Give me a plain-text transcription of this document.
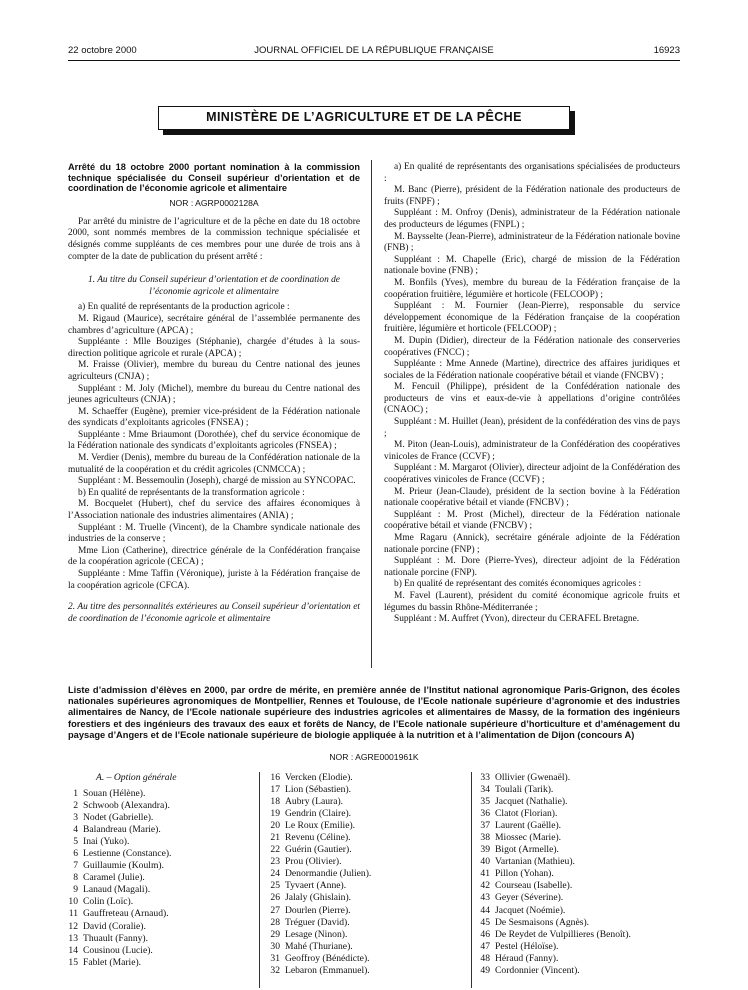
22 octobre 2000	JOURNAL OFFICIEL DE LA RÉPUBLIQUE FRANÇAISE	16923
MINISTÈRE DE L’AGRICULTURE ET DE LA PÊCHE
Arrêté du 18 octobre 2000 portant nomination à la commission technique spécialisée du Conseil supérieur d’orientation et de coordination de l’économie agricole et alimentaire
NOR : AGRP0002128A

Par arrêté du ministre de l’agriculture et de la pêche en date du 18 octobre 2000, sont nommés membres de la commission technique spécialisée et désignés comme suppléants de ces membres pour une durée de trois ans à compter de la date de publication du présent arrêté :

1. Au titre du Conseil supérieur d’orientation et de coordination de l’économie agricole et alimentaire

a) En qualité de représentants de la production agricole :

M. Rigaud (Maurice), secrétaire général de l’assemblée permanente des chambres d’agriculture (APCA) ;

Suppléante : Mlle Bouziges (Stéphanie), chargée d’études à la sous-direction politique agricole et rurale (APCA) ;

M. Fraisse (Olivier), membre du bureau du Centre national des jeunes agriculteurs (CNJA) ;

Suppléant : M. Joly (Michel), membre du bureau du Centre national des jeunes agriculteurs (CNJA) ;

M. Schaeffer (Eugène), premier vice-président de la Fédération nationale des syndicats d’exploitants agricoles (FNSEA) ;

Suppléante : Mme Briaumont (Dorothée), chef du service économique de la Fédération nationale des syndicats d’exploitants agricoles (FNSEA) ;

M. Verdier (Denis), membre du bureau de la Confédération nationale de la mutualité de la coopération et du crédit agricoles (CNMCCA) ;

Suppléant : M. Bessemoulin (Joseph), chargé de mission au SYNCOPAC.

b) En qualité de représentants de la transformation agricole :

M. Bocquelet (Hubert), chef du service des affaires économiques à l’Association nationale des industries alimentaires (ANIA) ;

Suppléant : M. Truelle (Vincent), de la Chambre syndicale nationale des industries de la conserve ;

Mme Lion (Catherine), directrice générale de la Confédération française de la coopération agricole (CECA) ;

Suppléante : Mme Taffin (Véronique), juriste à la Fédération française de la coopération agricole (CFCA).

2. Au titre des personnalités extérieures au Conseil supérieur d’orientation et de coordination de l’économie agricole et alimentaire

a) En qualité de représentants des organisations spécialisées de producteurs :

M. Banc (Pierre), président de la Fédération nationale des producteurs de fruits (FNPF) ;

Suppléant : M. Onfroy (Denis), administrateur de la Fédération nationale des producteurs de légumes (FNPL) ;

M. Baysselte (Jean-Pierre), administrateur de la Fédération nationale bovine (FNB) ;

Suppléant : M. Chapelle (Eric), chargé de mission de la Fédération nationale bovine (FNB) ;

M. Bonfils (Yves), membre du bureau de la Fédération française de la coopération fruitière, légumière et horticole (FELCOOP) ;

Suppléant : M. Fournier (Jean-Pierre), responsable du service développement économique de la Fédération française de la coopération fruitière, légumière et horticole (FELCOOP) ;

M. Dupin (Didier), directeur de la Fédération nationale des conserveries coopératives (FNCC) ;

Suppléante : Mme Annede (Martine), directrice des affaires juridiques et sociales de la Fédération nationale coopérative bétail et viande (FNCBV) ;

M. Fencuil (Philippe), président de la Confédération nationale des producteurs de vins et eaux-de-vie à appellations d’origine contrôlées (CNAOC) ;

Suppléant : M. Huillet (Jean), président de la confédération des vins de pays ;

M. Piton (Jean-Louis), administrateur de la Confédération des coopératives vinicoles de France (CCVF) ;

Suppléant : M. Margarot (Olivier), directeur adjoint de la Confédération des coopératives vinicoles de France (CCVF) ;

M. Prieur (Jean-Claude), président de la section bovine à la Fédération nationale coopérative bétail et viande (FNCBV) ;

Suppléant : M. Prost (Michel), directeur de la Fédération nationale coopérative bétail et viande (FNCBV) ;

Mme Ragaru (Annick), secrétaire générale adjointe de la Fédération nationale porcine (FNP) ;

Suppléant : M. Dore (Pierre-Yves), directeur adjoint de la Fédération nationale porcine (FNP).

b) En qualité de représentant des comités économiques agricoles :

M. Favel (Laurent), président du comité économique agricole fruits et légumes du bassin Rhône-Méditerranée ;

Suppléant : M. Auffret (Yvon), directeur du CERAFEL Bretagne.

Liste d’admission d’élèves en 2000, par ordre de mérite, en première année de l’Institut national agronomique Paris-Grignon, des écoles nationales supérieures agronomiques de Montpellier, Rennes et Toulouse, de l’Ecole nationale supérieure d’agronomie et des industries alimentaires de Nancy, de l’Ecole nationale supérieure des industries agricoles et alimentaires de Massy, de la formation des ingénieurs forestiers et des ingénieurs des travaux des eaux et forêts de Nancy, de l’Ecole nationale supérieure d’horticulture et d’aménagement du paysage d’Angers et de l’Ecole nationale supérieure de biologie appliquée à la nutrition et à l’alimentation de Dijon (concours A)
NOR : AGRE0001961K
A. – Option générale
1 Souan (Hélène).
2 Schwoob (Alexandra).
3 Nodet (Gabrielle).
4 Balandreau (Marie).
5 Inai (Yuko).
6 Lestienne (Constance).
7 Guillaumie (Koulm).
8 Caramel (Julie).
9 Lanaud (Magali).
10 Colin (Loïc).
11 Gauffreteau (Arnaud).
12 David (Coralie).
13 Thuault (Fanny).
14 Cousinou (Lucie).
15 Fablet (Marie).
16 Vercken (Elodie).
17 Lion (Sébastien).
18 Aubry (Laura).
19 Gendrin (Claire).
20 Le Roux (Emilie).
21 Revenu (Céline).
22 Guérin (Gautier).
23 Prou (Olivier).
24 Denormandie (Julien).
25 Tyvaert (Anne).
26 Jalaly (Ghislain).
27 Dourlen (Pierre).
28 Tréguer (David).
29 Lesage (Ninon).
30 Mahé (Thuriane).
31 Geoffroy (Bénédicte).
32 Lebaron (Emmanuel).
33 Ollivier (Gwenaël).
34 Toulali (Tarik).
35 Jacquet (Nathalie).
36 Clatot (Florian).
37 Laurent (Gaëlle).
38 Miossec (Marie).
39 Bigot (Armelle).
40 Vartanian (Mathieu).
41 Pillon (Yohan).
42 Courseau (Isabelle).
43 Geyer (Séverine).
44 Jacquet (Noémie).
45 De Sesmaisons (Agnès).
46 De Reydet de Vulpillieres (Benoît).
47 Pestel (Héloïse).
48 Héraud (Fanny).
49 Cordonnier (Vincent).
